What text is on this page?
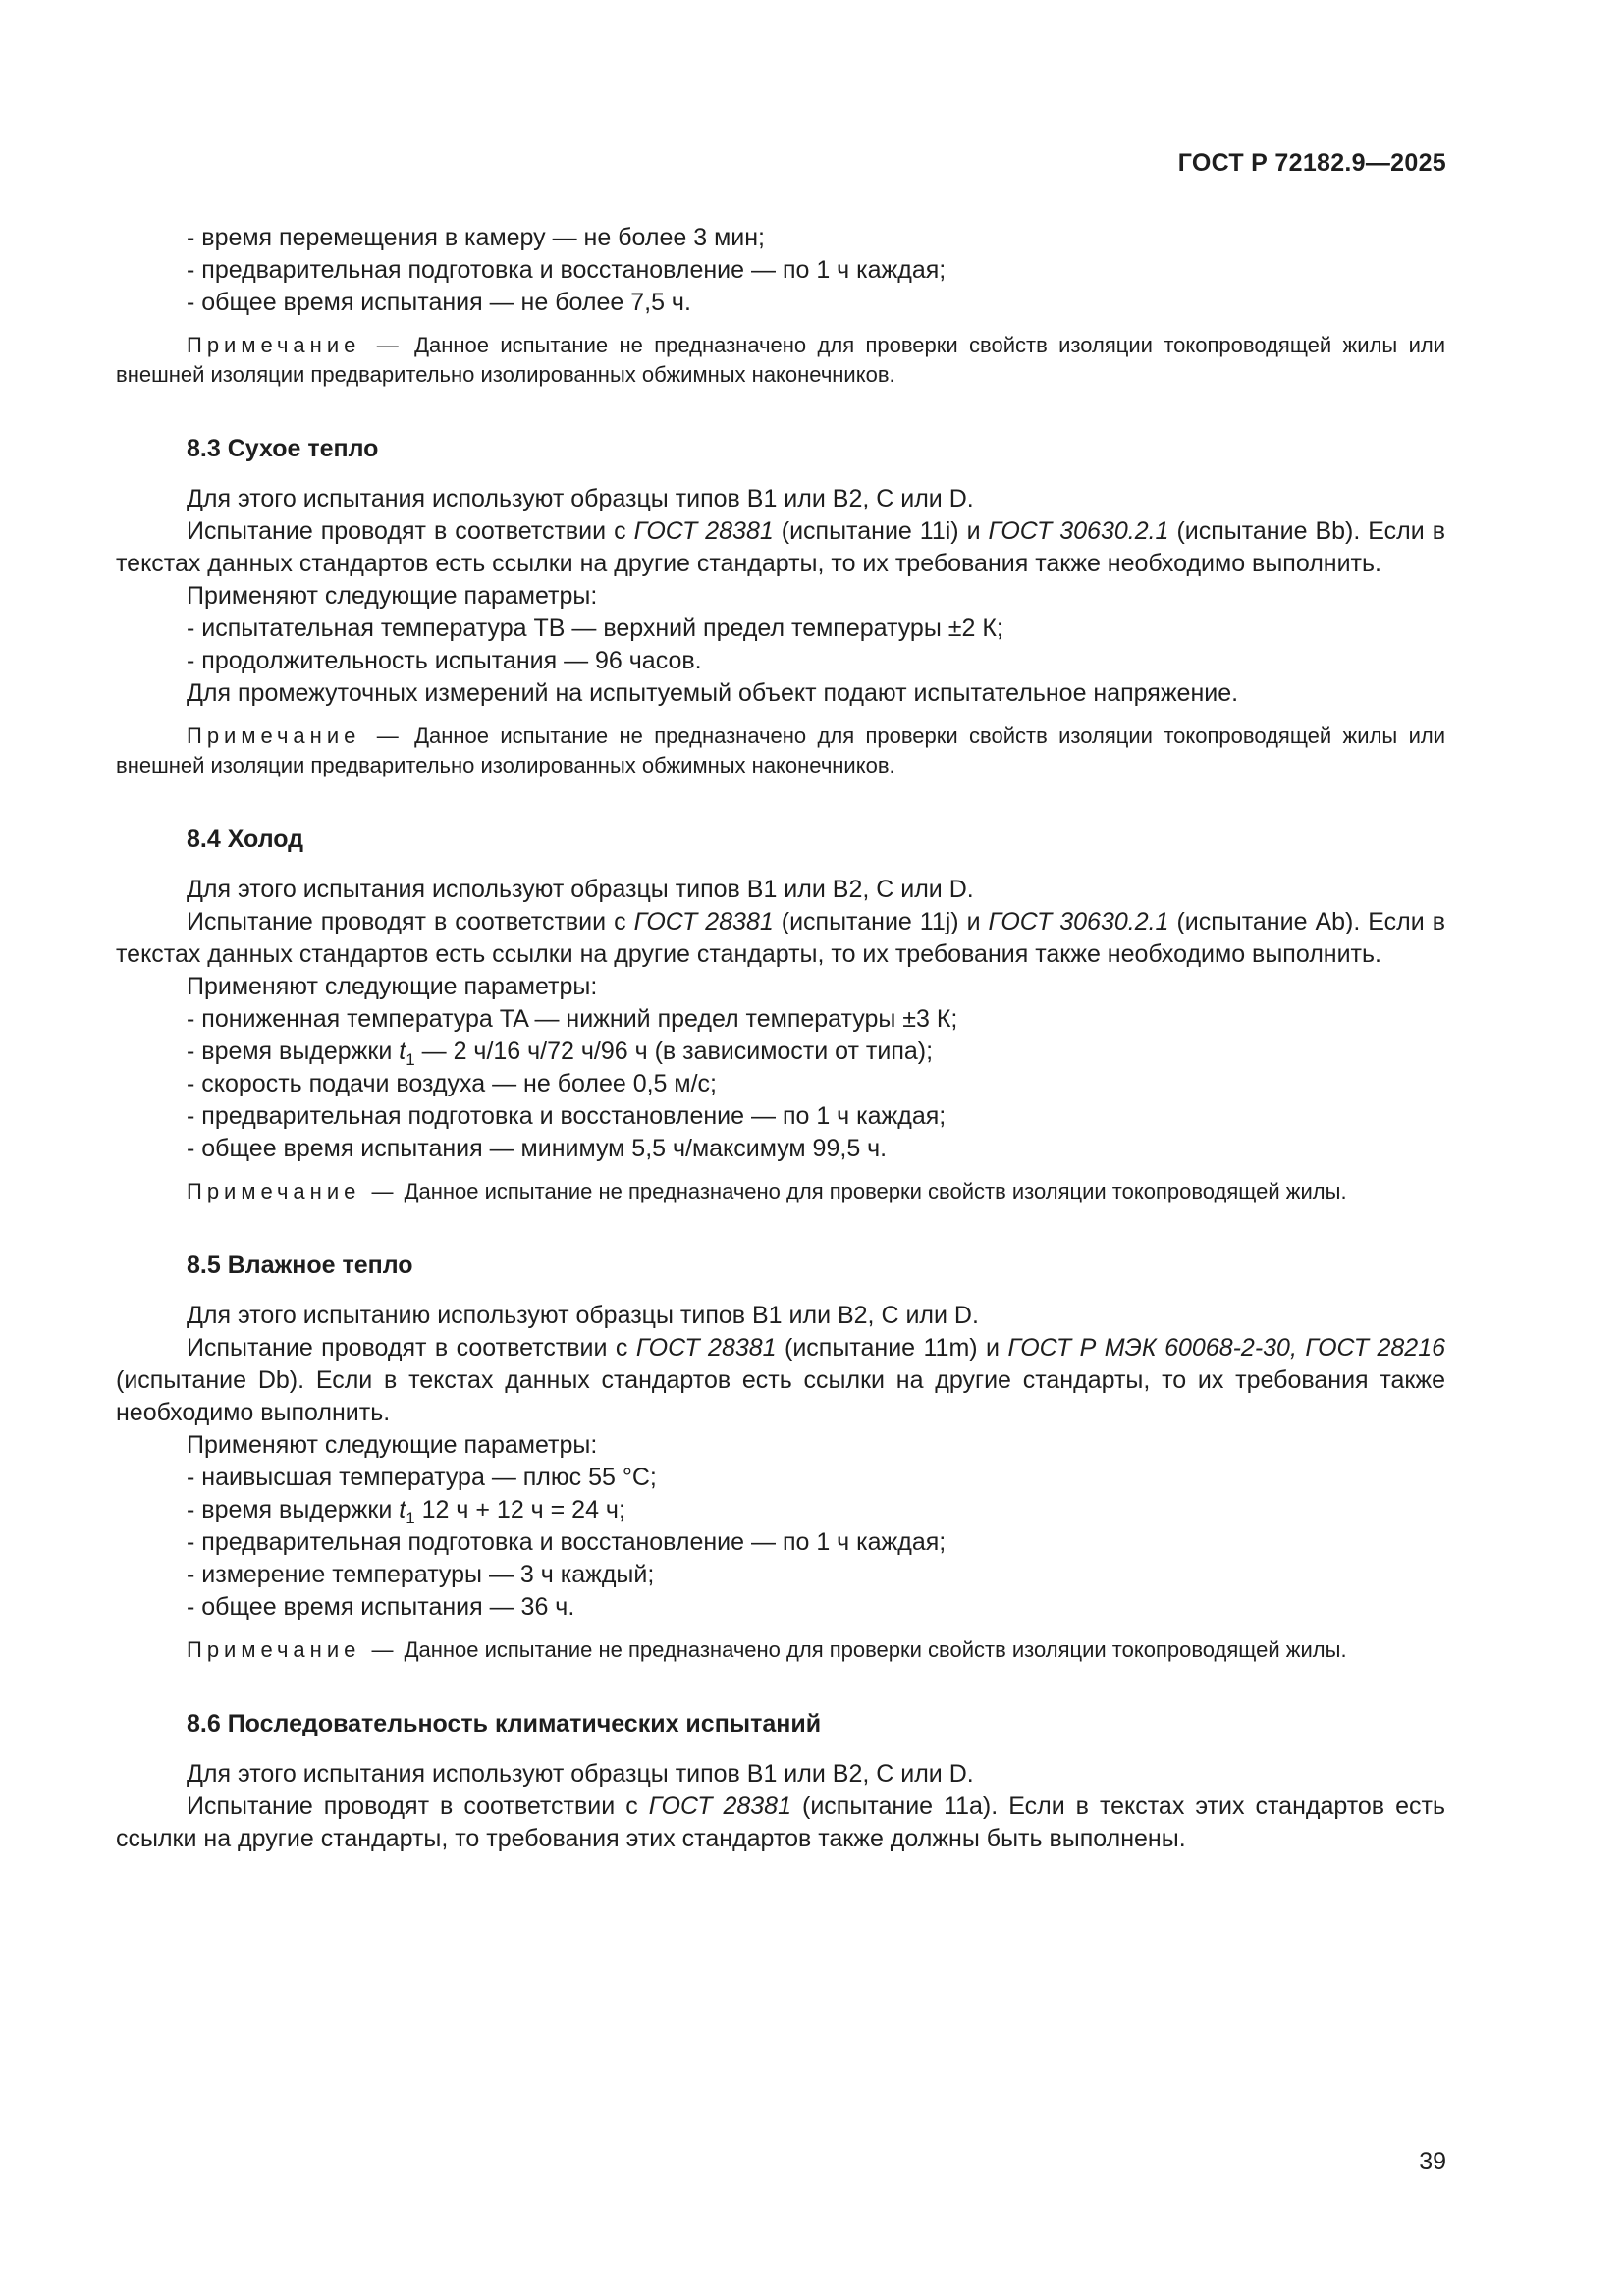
ГОСТ Р 72182.9—2025

- время перемещения в камеру — не более 3 мин;

- предварительная подготовка и восстановление — по 1 ч каждая;

- общее время испытания — не более 7,5 ч.

Примечание — Данное испытание не предназначено для проверки свойств изоляции токопроводящей жилы или внешней изоляции предварительно изолированных обжимных наконечников.

8.3 Сухое тепло

Для этого испытания используют образцы типов B1 или B2, C или D.

Испытание проводят в соответствии с ГОСТ 28381 (испытание 11i) и ГОСТ 30630.2.1 (испытание Bb). Если в текстах данных стандартов есть ссылки на другие стандарты, то их требования также необходимо выполнить.

Применяют следующие параметры:

- испытательная температура TB — верхний предел температуры ±2 К;

- продолжительность испытания — 96 часов.

Для промежуточных измерений на испытуемый объект подают испытательное напряжение.

Примечание — Данное испытание не предназначено для проверки свойств изоляции токопроводящей жилы или внешней изоляции предварительно изолированных обжимных наконечников.

8.4 Холод

Для этого испытания используют образцы типов B1 или B2, C или D.

Испытание проводят в соответствии с ГОСТ 28381 (испытание 11j) и ГОСТ 30630.2.1 (испытание Ab). Если в текстах данных стандартов есть ссылки на другие стандарты, то их требования также необходимо выполнить.

Применяют следующие параметры:

- пониженная температура TA — нижний предел температуры ±3 К;

- время выдержки $t_1$ — 2 ч/16 ч/72 ч/96 ч (в зависимости от типа);

- скорость подачи воздуха — не более 0,5 м/с;

- предварительная подготовка и восстановление — по 1 ч каждая;

- общее время испытания — минимум 5,5 ч/максимум 99,5 ч.

Примечание — Данное испытание не предназначено для проверки свойств изоляции токопроводящей жилы.

8.5 Влажное тепло

Для этого испытанию используют образцы типов B1 или B2, C или D.

Испытание проводят в соответствии с ГОСТ 28381 (испытание 11m) и ГОСТ Р МЭК 60068-2-30, ГОСТ 28216 (испытание Db). Если в текстах данных стандартов есть ссылки на другие стандарты, то их требования также необходимо выполнить.

Применяют следующие параметры:

- наивысшая температура — плюс 55 °C;

- время выдержки $t_1$ 12 ч + 12 ч = 24 ч;

- предварительная подготовка и восстановление — по 1 ч каждая;

- измерение температуры — 3 ч каждый;

- общее время испытания — 36 ч.

Примечание — Данное испытание не предназначено для проверки свойств изоляции токопроводящей жилы.

8.6 Последовательность климатических испытаний

Для этого испытания используют образцы типов B1 или B2, C или D.

Испытание проводят в соответствии с ГОСТ 28381 (испытание 11a). Если в текстах этих стандартов есть ссылки на другие стандарты, то требования этих стандартов также должны быть выполнены.

39
